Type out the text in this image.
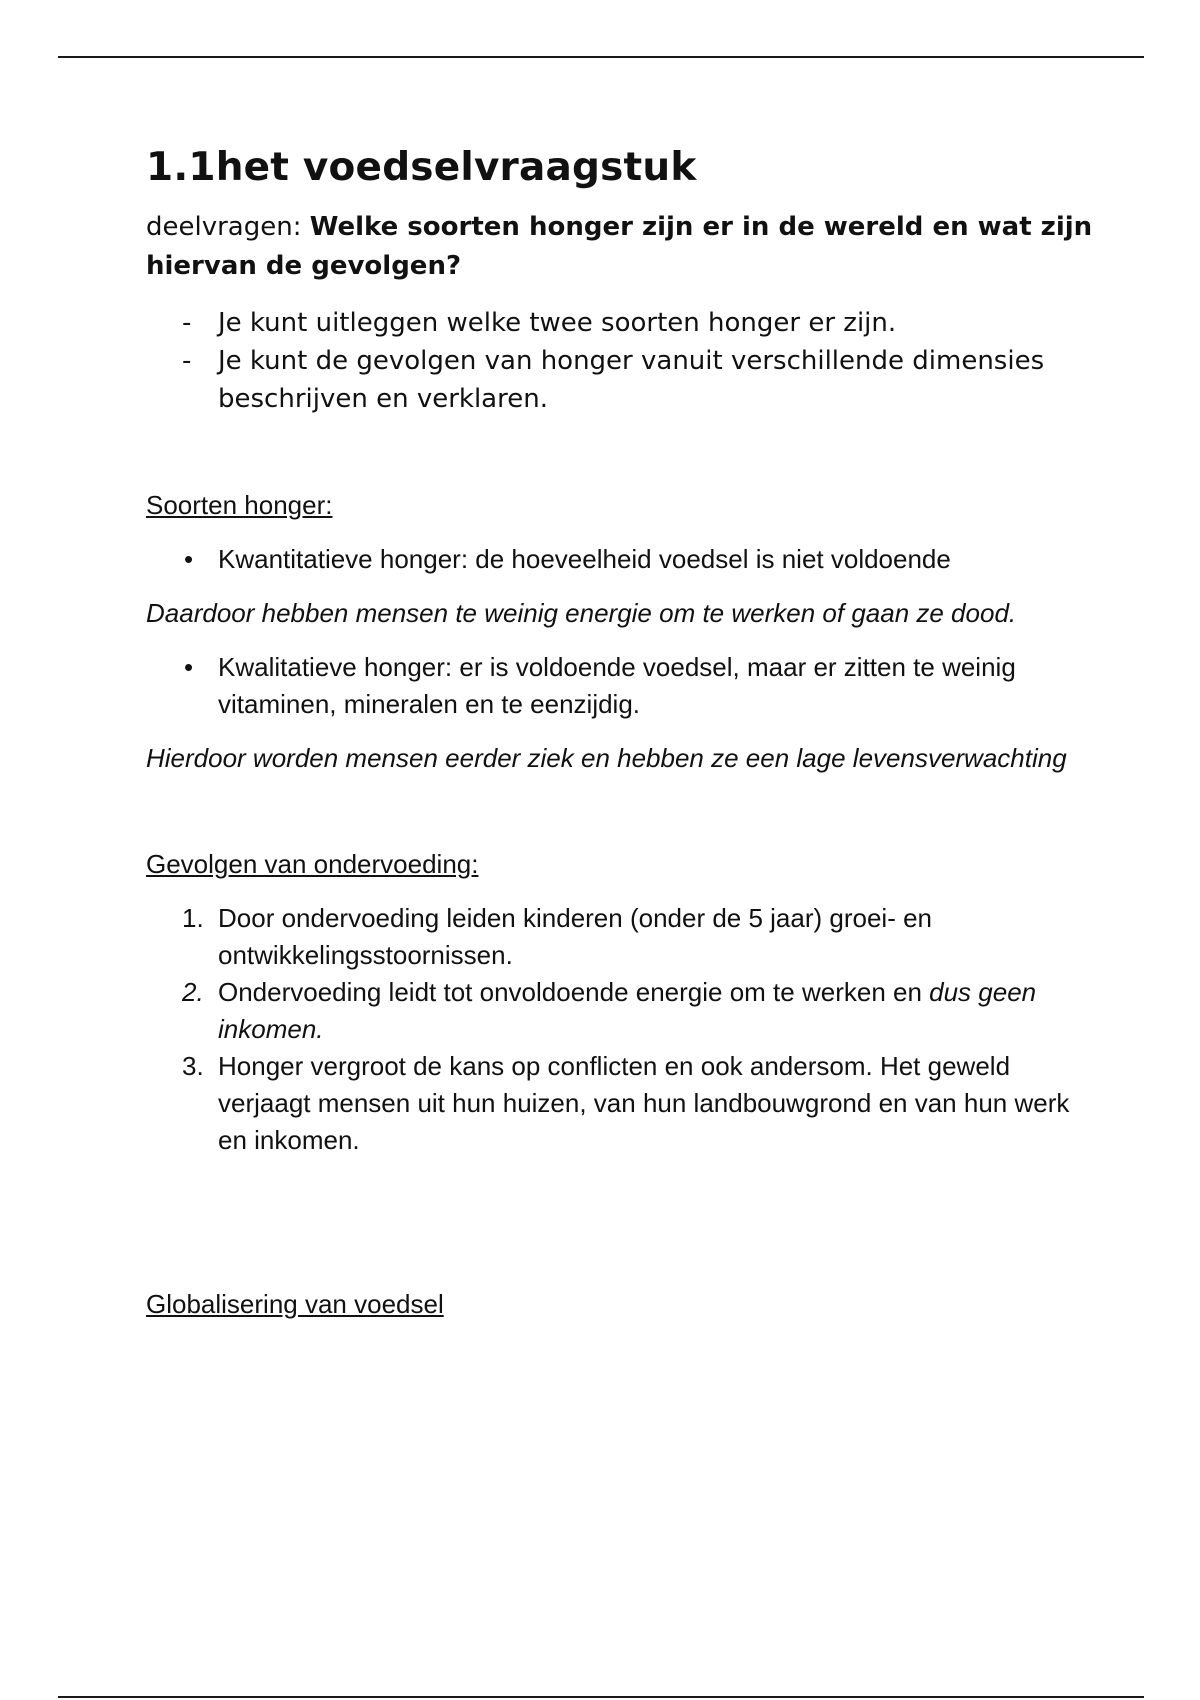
1.1het voedselvraagstuk

deelvragen: Welke soorten honger zijn er in de wereld en wat zijn hiervan de gevolgen?

- Je kunt uitleggen welke twee soorten honger er zijn.
- Je kunt de gevolgen van honger vanuit verschillende dimensies beschrijven en verklaren.

Soorten honger:

• Kwantitatieve honger: de hoeveelheid voedsel is niet voldoende

Daardoor hebben mensen te weinig energie om te werken of gaan ze dood.

• Kwalitatieve honger: er is voldoende voedsel, maar er zitten te weinig vitaminen, mineralen en te eenzijdig.

Hierdoor worden mensen eerder ziek en hebben ze een lage levensverwachting

Gevolgen van ondervoeding:

1. Door ondervoeding leiden kinderen (onder de 5 jaar) groei- en ontwikkelingsstoornissen.
2. Ondervoeding leidt tot onvoldoende energie om te werken en dus geen inkomen.
3. Honger vergroot de kans op conflicten en ook andersom. Het geweld verjaagt mensen uit hun huizen, van hun landbouwgrond en van hun werk en inkomen.

Globalisering van voedsel
